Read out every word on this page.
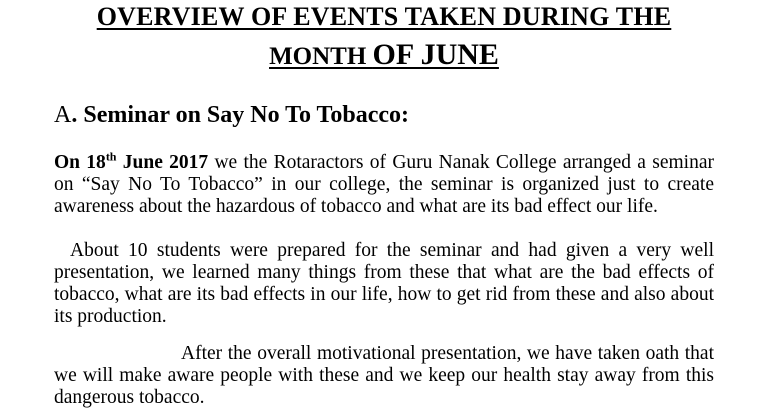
OVERVIEW OF EVENTS TAKEN DURING THE
MONTH OF JUNE
A. Seminar on Say No To Tobacco:
On 18th June 2017 we the Rotaractors of Guru Nanak College arranged a seminar on “Say No To Tobacco” in our college, the seminar is organized just to create awareness about the hazardous of tobacco and what are its bad effect our life.
About 10 students were prepared for the seminar and had given a very well presentation, we learned many things from these that what are the bad effects of tobacco, what are its bad effects in our life, how to get rid from these and also about its production.
After the overall motivational presentation, we have taken oath that we will make aware people with these and we keep our health stay away from this dangerous tobacco.
